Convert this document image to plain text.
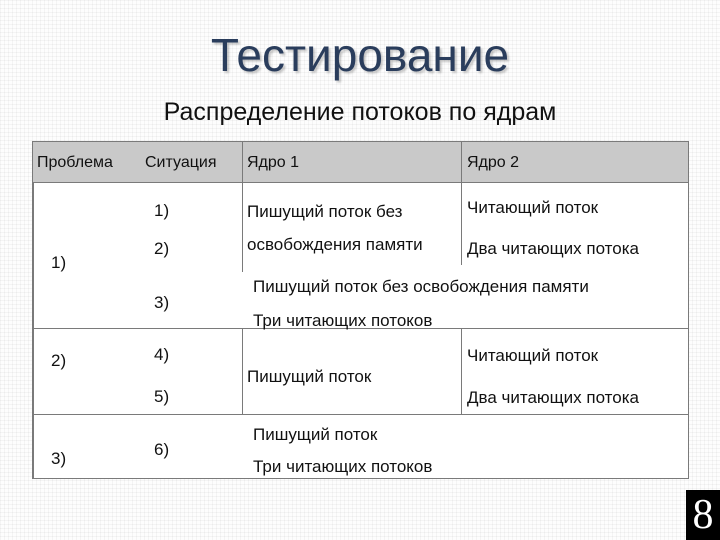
Тестирование
Распределение потоков по ядрам
Проблема Ситуация Ядро 1	Ядро 2
1)
2)
3)
1)
2)
3)
4)
5)
6)
Пишущий поток без
освобождения памяти
Читающий поток
Два читающих потока
Пишущий поток без освобождения памяти
Три читающих потоков
Пишущий поток
Читающий поток
Два читающих потока
Пишущий поток
Три читающих потоков
8
